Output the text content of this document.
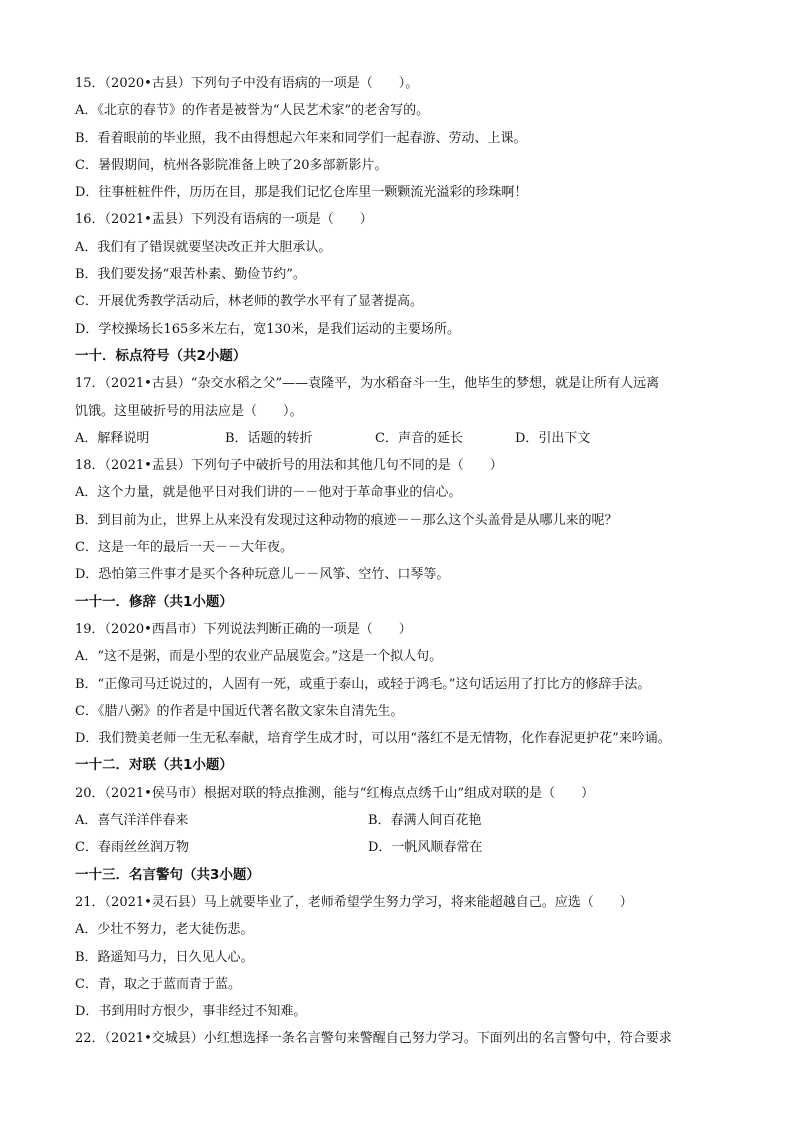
15．（2020•古县）下列句子中没有语病的一项是（　　）。
A．《北京的春节》的作者是被誉为“人民艺术家”的老舍写的。
B．看着眼前的毕业照，我不由得想起六年来和同学们一起春游、劳动、上课。
C．暑假期间，杭州各影院准备上映了20多部新影片。
D．往事桩桩件件，历历在目，那是我们记忆仓库里一颗颗流光溢彩的珍珠啊！
16．（2021•盂县）下列没有语病的一项是（　　）
A．我们有了错误就要坚决改正并大胆承认。
B．我们要发扬“艰苦朴素、勤俭节约”。
C．开展优秀教学活动后，林老师的教学水平有了显著提高。
D．学校操场长165多米左右，宽130米，是我们运动的主要场所。
一十．标点符号（共2小题）
17．（2021•古县）“杂交水稻之父”——袁隆平，为水稻奋斗一生，他毕生的梦想，就是让所有人远离
饥饿。这里破折号的用法应是（　　）。
A．解释说明	B．话题的转折	C．声音的延长	D．引出下文
18．（2021•盂县）下列句子中破折号的用法和其他几句不同的是（　　）
A．这个力量，就是他平日对我们讲的－－他对于革命事业的信心。
B．到目前为止，世界上从来没有发现过这种动物的痕迹－－那么这个头盖骨是从哪儿来的呢？
C．这是一年的最后一天－－大年夜。
D．恐怕第三件事才是买个各种玩意儿－－风筝、空竹、口琴等。
一十一．修辞（共1小题）
19．（2020•西昌市）下列说法判断正确的一项是（　　）
A．“这不是粥，而是小型的农业产品展览会。”这是一个拟人句。
B．“正像司马迁说过的，人固有一死，或重于泰山，或轻于鸿毛。”这句话运用了打比方的修辞手法。
C．《腊八粥》的作者是中国近代著名散文家朱自清先生。
D．我们赞美老师一生无私奉献，培育学生成才时，可以用“落红不是无情物，化作春泥更护花”来吟诵。
一十二．对联（共1小题）
20．（2021•侯马市）根据对联的特点推测，能与“红梅点点绣千山”组成对联的是（　　）
A．喜气洋洋伴春来	B．春满人间百花艳
C．春雨丝丝润万物	D．一帆风顺春常在
一十三．名言警句（共3小题）
21．（2021•灵石县）马上就要毕业了，老师希望学生努力学习，将来能超越自己。应选（　　）
A．少壮不努力，老大徒伤悲。
B．路遥知马力，日久见人心。
C．青，取之于蓝而青于蓝。
D．书到用时方恨少，事非经过不知难。
22．（2021•交城县）小红想选择一条名言警句来警醒自己努力学习。下面列出的名言警句中，符合要求
